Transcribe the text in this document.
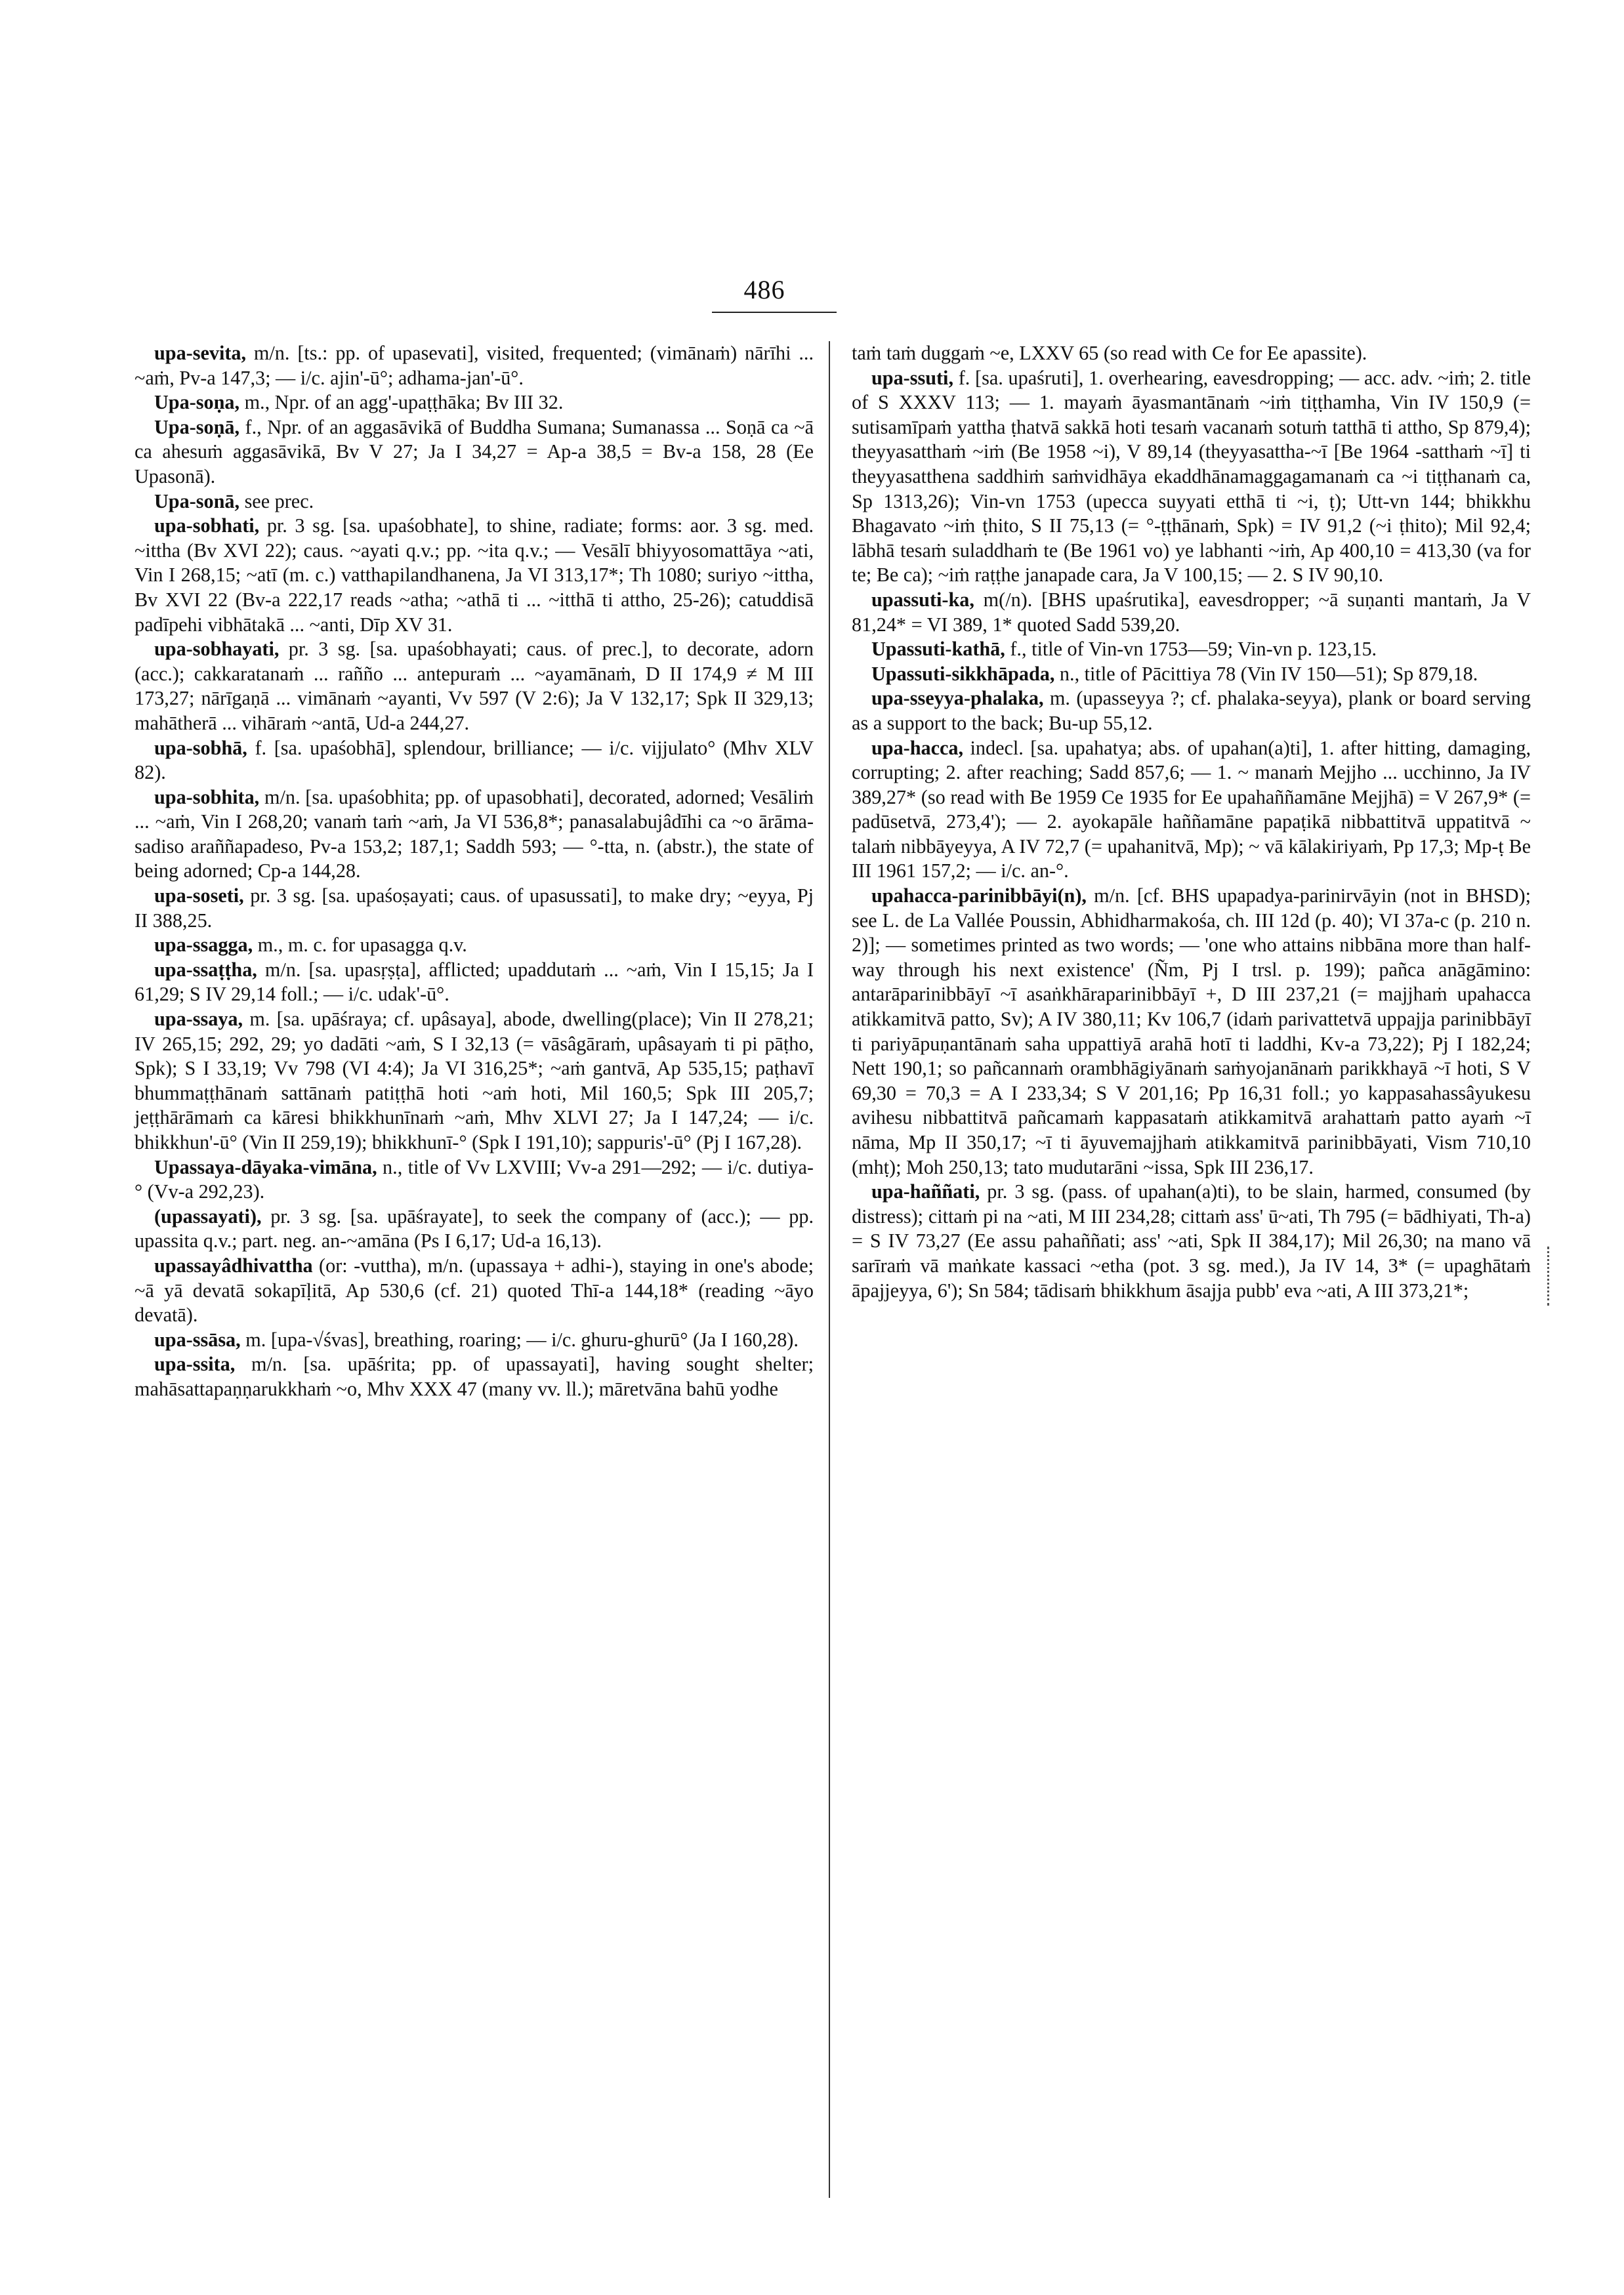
486

upa-sevita, m/n. [ts.: pp. of upasevati], visited, frequented; (vimānaṁ) nārīhi ... ~aṁ, Pv-a 147,3; — i/c. ajin'-ū°; adhama-jan'-ū°.

Upa-soṇa, m., Npr. of an agg'-upaṭṭhāka; Bv III 32.

Upa-soṇā, f., Npr. of an aggasāvikā of Buddha Sumana; Sumanassa ... Soṇā ca ~ā ca ahesuṁ aggasāvikā, Bv V 27; Ja I 34,27 = Ap-a 38,5 = Bv-a 158, 28 (Ee Upasonā).

Upa-sonā, see prec.

upa-sobhati, pr. 3 sg. [sa. upaśobhate], to shine, radiate; forms: aor. 3 sg. med. ~ittha (Bv XVI 22); caus. ~ayati q.v.; pp. ~ita q.v.; — Vesālī bhiyyosomattāya ~ati, Vin I 268,15; ~atī (m. c.) vatthapilandhanena, Ja VI 313,17*; Th 1080; suriyo ~ittha, Bv XVI 22 (Bv-a 222,17 reads ~atha; ~athā ti ... ~itthā ti attho, 25-26); catuddisā padīpehi vibhātakā ... ~anti, Dīp XV 31.

upa-sobhayati, pr. 3 sg. [sa. upaśobhayati; caus. of prec.], to decorate, adorn (acc.); cakkaratanaṁ ... rañño ... antepuraṁ ... ~ayamānaṁ, D II 174,9 ≠ M III 173,27; nārīgaṇā ... vimānaṁ ~ayanti, Vv 597 (V 2:6); Ja V 132,17; Spk II 329,13; mahātherā ... vihāraṁ ~antā, Ud-a 244,27.

upa-sobhā, f. [sa. upaśobhā], splendour, brilliance; — i/c. vijjulato° (Mhv XLV 82).

upa-sobhita, m/n. [sa. upaśobhita; pp. of upasobhati], decorated, adorned; Vesāliṁ ... ~aṁ, Vin I 268,20; vanaṁ taṁ ~aṁ, Ja VI 536,8*; panasalabujâdīhi ca ~o ārāma-sadiso araññapadeso, Pv-a 153,2; 187,1; Saddh 593; — °-tta, n. (abstr.), the state of being adorned; Cp-a 144,28.

upa-soseti, pr. 3 sg. [sa. upaśoṣayati; caus. of upasussati], to make dry; ~eyya, Pj II 388,25.

upa-ssagga, m., m. c. for upasagga q.v.

upa-ssaṭṭha, m/n. [sa. upasṛṣṭa], afflicted; upaddutaṁ ... ~aṁ, Vin I 15,15; Ja I 61,29; S IV 29,14 foll.; — i/c. udak'-ū°.

upa-ssaya, m. [sa. upāśraya; cf. upâsaya], abode, dwelling(place); Vin II 278,21; IV 265,15; 292, 29; yo dadāti ~aṁ, S I 32,13 (= vāsâgāraṁ, upâsayaṁ ti pi pāṭho, Spk); S I 33,19; Vv 798 (VI 4:4); Ja VI 316,25*; ~aṁ gantvā, Ap 535,15; paṭhavī bhummaṭṭhānaṁ sattānaṁ patiṭṭhā hoti ~aṁ hoti, Mil 160,5; Spk III 205,7; jeṭṭhārāmaṁ ca kāresi bhikkhunīnaṁ ~aṁ, Mhv XLVI 27; Ja I 147,24; — i/c. bhikkhun'-ū° (Vin II 259,19); bhikkhunī-° (Spk I 191,10); sappuris'-ū° (Pj I 167,28).

Upassaya-dāyaka-vimāna, n., title of Vv LXVIII; Vv-a 291—292; — i/c. dutiya-° (Vv-a 292,23).

(upassayati), pr. 3 sg. [sa. upāśrayate], to seek the company of (acc.); — pp. upassita q.v.; part. neg. an-~amāna (Ps I 6,17; Ud-a 16,13).

upassayâdhivattha (or: -vuttha), m/n. (upassaya + adhi-), staying in one's abode; ~ā yā devatā sokapīḷitā, Ap 530,6 (cf. 21) quoted Thī-a 144,18* (reading ~āyo devatā).

upa-ssāsa, m. [upa-√śvas], breathing, roaring; — i/c. ghuru-ghurū° (Ja I 160,28).

upa-ssita, m/n. [sa. upāśrita; pp. of upassayati], having sought shelter; mahāsattapaṇṇarukkhaṁ ~o, Mhv XXX 47 (many vv. ll.); māretvāna bahū yodhe

taṁ taṁ duggaṁ ~e, LXXV 65 (so read with Ce for Ee apassite).

upa-ssuti, f. [sa. upaśruti], 1. overhearing, eavesdropping; — acc. adv. ~iṁ; 2. title of S XXXV 113; — 1. mayaṁ āyasmantānaṁ ~iṁ tiṭṭhamha, Vin IV 150,9 (= sutisamīpaṁ yattha ṭhatvā sakkā hoti tesaṁ vacanaṁ sotuṁ tatthā ti attho, Sp 879,4); theyyasatthaṁ ~iṁ (Be 1958 ~i), V 89,14 (theyyasattha-~ī [Be 1964 -satthaṁ ~ī] ti theyyasatthena saddhiṁ saṁvidhāya ekaddhānamaggagamanaṁ ca ~i tiṭṭhanaṁ ca, Sp 1313,26); Vin-vn 1753 (upecca suyyati etthā ti ~i, ṭ); Utt-vn 144; bhikkhu Bhagavato ~iṁ ṭhito, S II 75,13 (= °-ṭṭhānaṁ, Spk) = IV 91,2 (~i ṭhito); Mil 92,4; lābhā tesaṁ suladdhaṁ te (Be 1961 vo) ye labhanti ~iṁ, Ap 400,10 = 413,30 (va for te; Be ca); ~iṁ raṭṭhe janapade cara, Ja V 100,15; — 2. S IV 90,10.

upassuti-ka, m(/n). [BHS upaśrutika], eavesdropper; ~ā suṇanti mantaṁ, Ja V 81,24* = VI 389, 1* quoted Sadd 539,20.

Upassuti-kathā, f., title of Vin-vn 1753—59; Vin-vn p. 123,15.

Upassuti-sikkhāpada, n., title of Pācittiya 78 (Vin IV 150—51); Sp 879,18.

upa-sseyya-phalaka, m. (upasseyya ?; cf. phalaka-seyya), plank or board serving as a support to the back; Bu-up 55,12.

upa-hacca, indecl. [sa. upahatya; abs. of upahan(a)ti], 1. after hitting, damaging, corrupting; 2. after reaching; Sadd 857,6; — 1. ~ manaṁ Mejjho ... ucchinno, Ja IV 389,27* (so read with Be 1959 Ce 1935 for Ee upahaññamāne Mejjhā) = V 267,9* (= padūsetvā, 273,4'); — 2. ayokapāle haññamāne papaṭikā nibbattitvā uppatitvā ~ talaṁ nibbāyeyya, A IV 72,7 (= upahanitvā, Mp); ~ vā kālakiriyaṁ, Pp 17,3; Mp-ṭ Be III 1961 157,2; — i/c. an-°.

upahacca-parinibbāyi(n), m/n. [cf. BHS upapadya-parinirvāyin (not in BHSD); see L. de La Vallée Poussin, Abhidharmakośa, ch. III 12d (p. 40); VI 37a-c (p. 210 n. 2)]; — sometimes printed as two words; — 'one who attains nibbāna more than half-way through his next existence' (Ñm, Pj I trsl. p. 199); pañca anāgāmino: antarāparinibbāyī ~ī asaṅkhāraparinibbāyī +, D III 237,21 (= majjhaṁ upahacca atikkamitvā patto, Sv); A IV 380,11; Kv 106,7 (idaṁ parivattetvā uppajja parinibbāyī ti pariyāpuṇantānaṁ saha uppattiyā arahā hotī ti laddhi, Kv-a 73,22); Pj I 182,24; Nett 190,1; so pañcannaṁ orambhāgiyānaṁ saṁyojanānaṁ parikkhayā ~ī hoti, S V 69,30 = 70,3 = A I 233,34; S V 201,16; Pp 16,31 foll.; yo kappasahassâyukesu avihesu nibbattitvā pañcamaṁ kappasataṁ atikkamitvā arahattaṁ patto ayaṁ ~ī nāma, Mp II 350,17; ~ī ti āyuvemajjhaṁ atikkamitvā parinibbāyati, Vism 710,10 (mhṭ); Moh 250,13; tato mudutarāni ~issa, Spk III 236,17.

upa-haññati, pr. 3 sg. (pass. of upahan(a)ti), to be slain, harmed, consumed (by distress); cittaṁ pi na ~ati, M III 234,28; cittaṁ ass' ū~ati, Th 795 (= bādhiyati, Th-a) = S IV 73,27 (Ee assu pahaññati; ass' ~ati, Spk II 384,17); Mil 26,30; na mano vā sarīraṁ vā maṅkate kassaci ~etha (pot. 3 sg. med.), Ja IV 14, 3* (= upaghātaṁ āpajjeyya, 6'); Sn 584; tādisaṁ bhikkhum āsajja pubb' eva ~ati, A III 373,21*;
